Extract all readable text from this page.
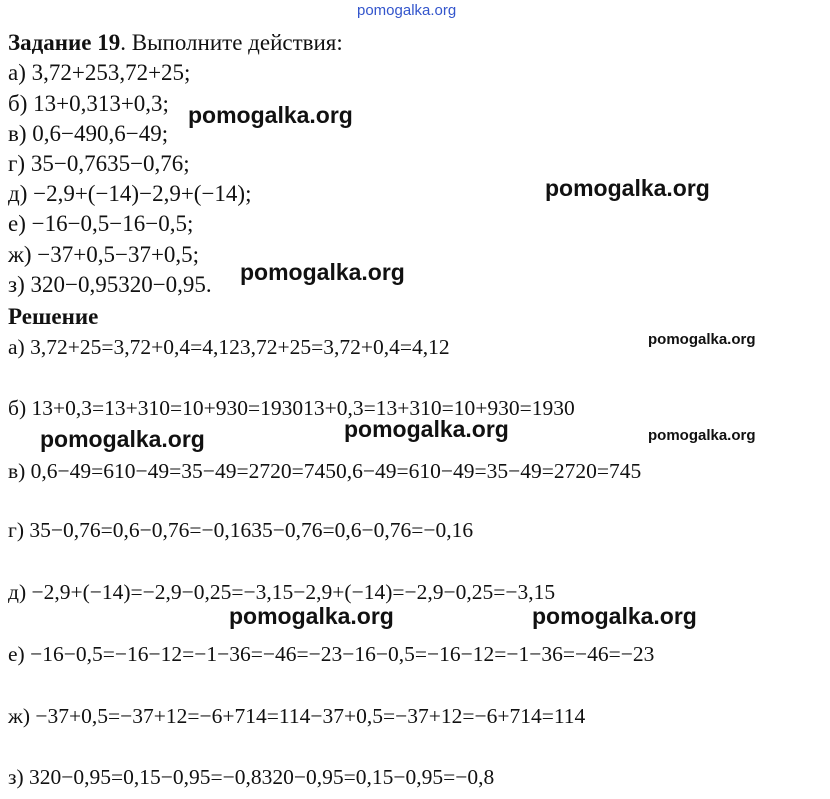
pomogalka.org
Задание 19. Выполните действия:
а) 3,72+253,72+25;
б) 13+0,313+0,3;
в) 0,6−490,6−49;
г) 35−0,7635−0,76;
д) −2,9+(−14)−2,9+(−14);
е) −16−0,5−16−0,5;
ж) −37+0,5−37+0,5;
з) 320−0,95320−0,95.
Решение
а) 3,72+25=3,72+0,4=4,123,72+25=3,72+0,4=4,12
б) 13+0,3=13+310=10+930=193013+0,3=13+310=10+930=1930
в) 0,6−49=610−49=35−49=2720=7450,6−49=610−49=35−49=2720=745
г) 35−0,76=0,6−0,76=−0,1635−0,76=0,6−0,76=−0,16
д) −2,9+(−14)=−2,9−0,25=−3,15−2,9+(−14)=−2,9−0,25=−3,15
е) −16−0,5=−16−12=−1−36=−46=−23−16−0,5=−16−12=−1−36=−46=−23
ж) −37+0,5=−37+12=−6+714=114−37+0,5=−37+12=−6+714=114
з) 320−0,95=0,15−0,95=−0,8320−0,95=0,15−0,95=−0,8
pomogalka.org
pomogalka.org
pomogalka.org
pomogalka.org	pomogalka.org
pomogalka.org	pomogalka.org
pomogalka.org
pomogalka.org
